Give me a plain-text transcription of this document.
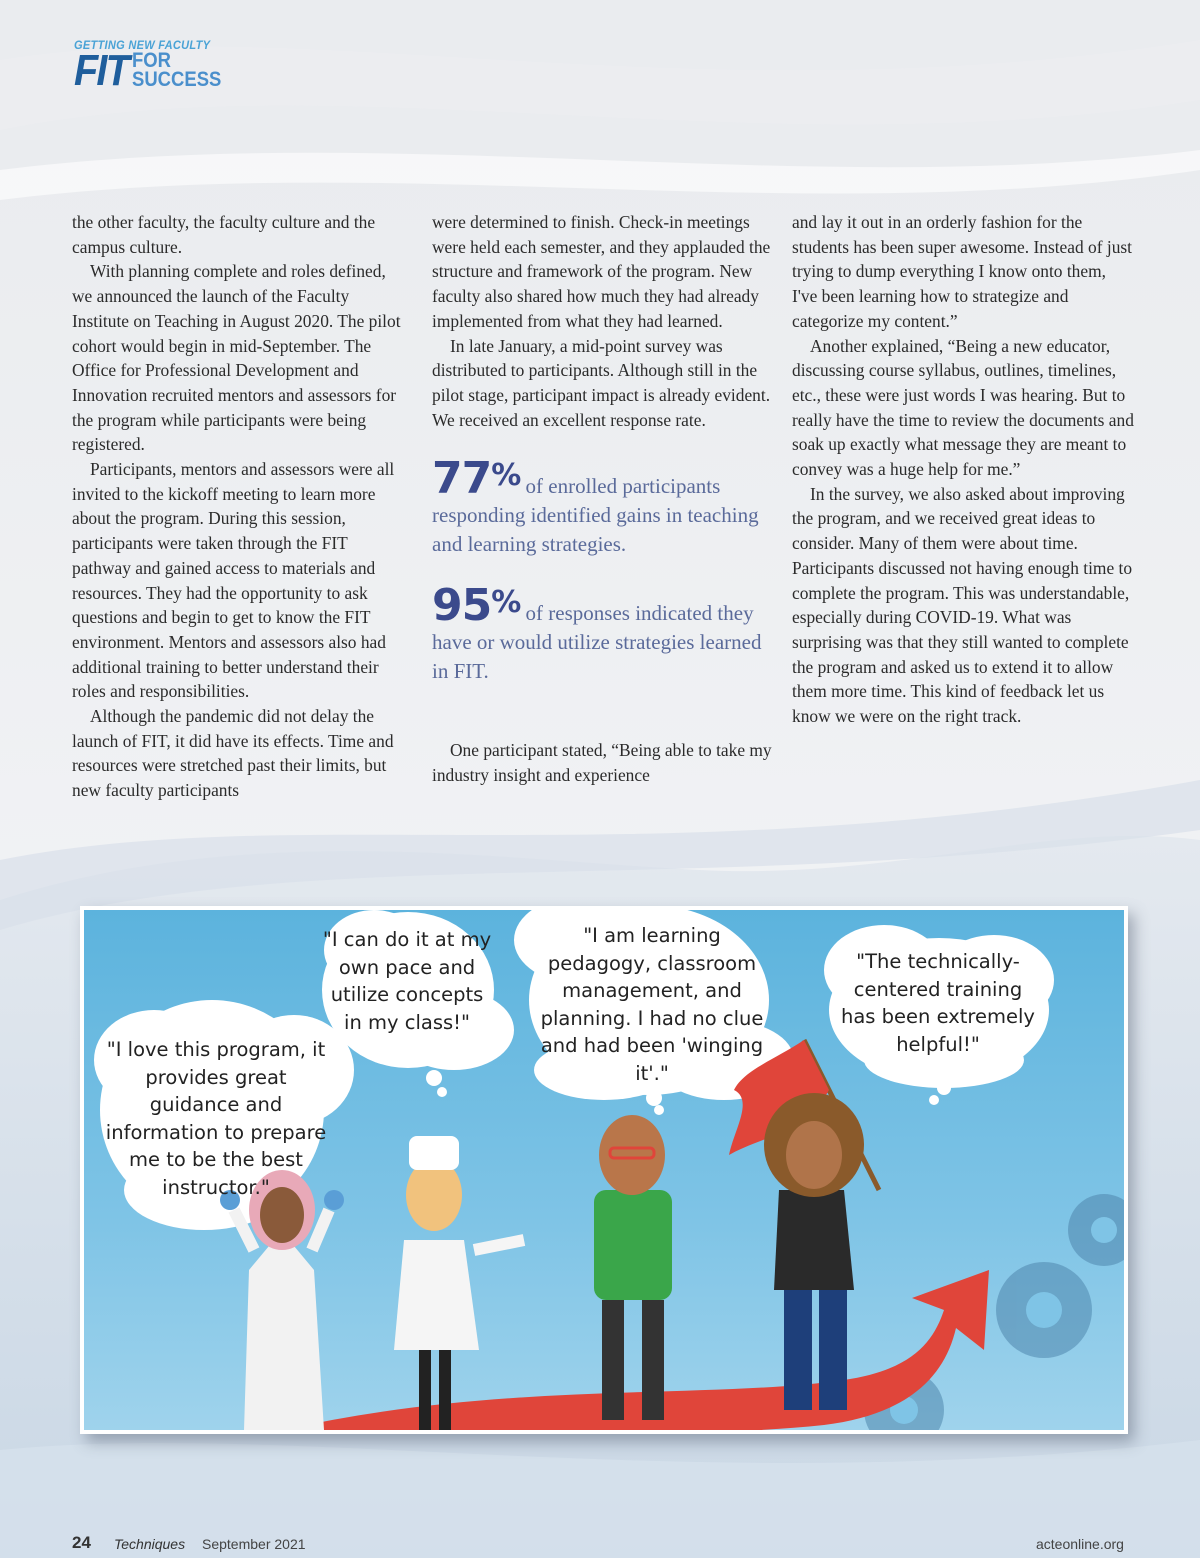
GETTING NEW FACULTY
FIT FOR
SUCCESS

the other faculty, the faculty culture and the campus culture.

With planning complete and roles defined, we announced the launch of the Faculty Institute on Teaching in August 2020. The pilot cohort would begin in mid-September. The Office for Professional Development and Innovation recruited mentors and assessors for the program while participants were being registered.

Participants, mentors and assessors were all invited to the kickoff meeting to learn more about the program. During this session, participants were taken through the FIT pathway and gained access to materials and resources. They had the opportunity to ask questions and begin to get to know the FIT environment. Mentors and assessors also had additional training to better understand their roles and responsibilities.

Although the pandemic did not delay the launch of FIT, it did have its effects. Time and resources were stretched past their limits, but new faculty participants

were determined to finish. Check-in meetings were held each semester, and they applauded the structure and framework of the program. New faculty also shared how much they had already implemented from what they had learned.

In late January, a mid-point survey was distributed to participants. Although still in the pilot stage, participant impact is already evident. We received an excellent response rate.

77% of enrolled participants responding identified gains in teaching and learning strategies.
95% of responses indicated they have or would utilize strategies learned in FIT.

One participant stated, “Being able to take my industry insight and experience

and lay it out in an orderly fashion for the students has been super awesome. Instead of just trying to dump everything I know onto them, I've been learning how to strategize and categorize my content.”

Another explained, “Being a new educator, discussing course syllabus, outlines, timelines, etc., these were just words I was hearing. But to really have the time to review the documents and soak up exactly what message they are meant to convey was a huge help for me.”

In the survey, we also asked about improving the program, and we received great ideas to consider. Many of them were about time. Participants discussed not having enough time to complete the program. This was understandable, especially during COVID-19. What was surprising was that they still wanted to complete the program and asked us to extend it to allow them more time. This kind of feedback let us know we were on the right track.

"I love this program, it provides great guidance and information to prepare me to be the best instructor."
"I can do it at my own pace and utilize concepts in my class!"
"I am learning pedagogy, classroom management, and planning. I had no clue and had been 'winging it'."
"The technically-centered training has been extremely helpful!"
24 Techniques September 2021	acteonline.org
